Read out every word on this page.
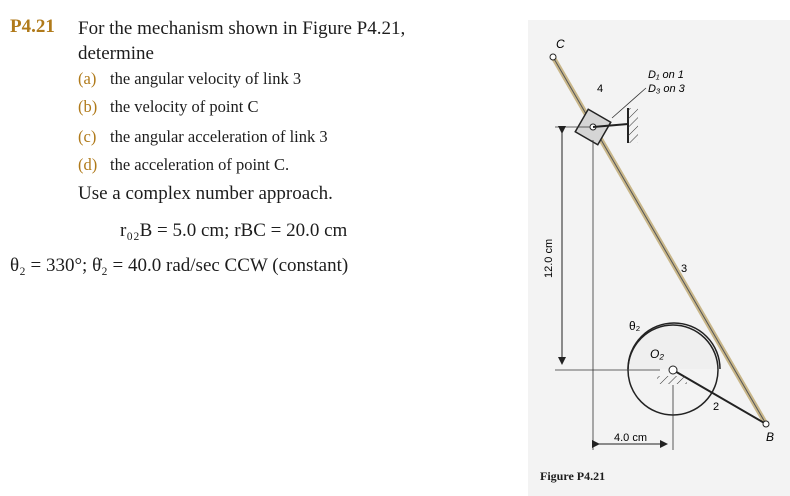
P4.21 For the mechanism shown in Figure P4.21,
determine
(a) the angular velocity of link 3
(b) the velocity of point C
(c) the angular acceleration of link 3
(d) the acceleration of point C.
Use a complex number approach.
r₀₂B = 5.0 cm; rBC = 20.0 cm
θ₂ = 330°; θ̇₂ = 40.0 rad/sec CCW (constant)
C
B
4
3
2
D₁ on 1
D₃ on 3
θ₂
O₂
12.0 cm
4.0 cm
Figure P4.21
